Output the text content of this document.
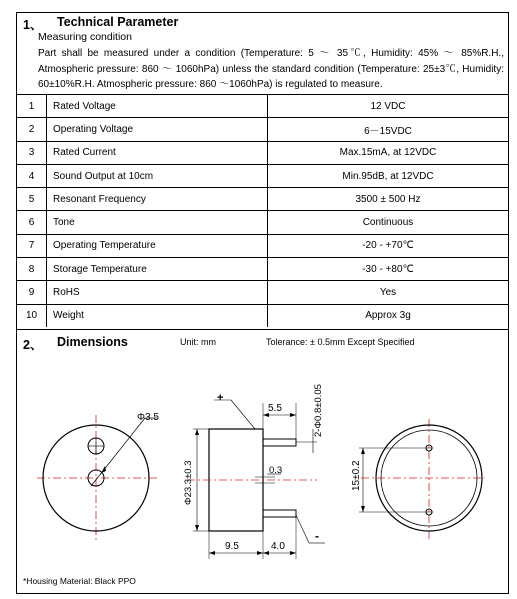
1、 Technical Parameter
Measuring condition
Part shall be measured under a condition (Temperature: 5 ～ 35℃, Humidity: 45% ～ 85%R.H., Atmospheric pressure: 860 ～ 1060hPa) unless the standard condition (Temperature: 25±3℃, Humidity: 60±10%R.H. Atmospheric pressure: 860 ～1060hPa) is regulated to measure.
1	Rated Voltage	12 VDC
2	Operating Voltage	6－15VDC
3	Rated Current	Max.15mA, at 12VDC
4	Sound Output at 10cm	Min.95dB, at 12VDC
5	Resonant Frequency	3500 ± 500 Hz
6	Tone	Continuous
7	Operating Temperature	-20 - +70℃
8	Storage Temperature	-30 - +80℃
9	RoHS	Yes
10	Weight	Approx 3g
2、 Dimensions	Unit: mm	Tolerance: ± 0.5mm Except Specified
Φ3.5
0.3
Φ23.3±0.3
5.5	2-Φ0.8±0.05
+
-
9.5	4.0
15±0.2
*Housing Material: Black PPO
